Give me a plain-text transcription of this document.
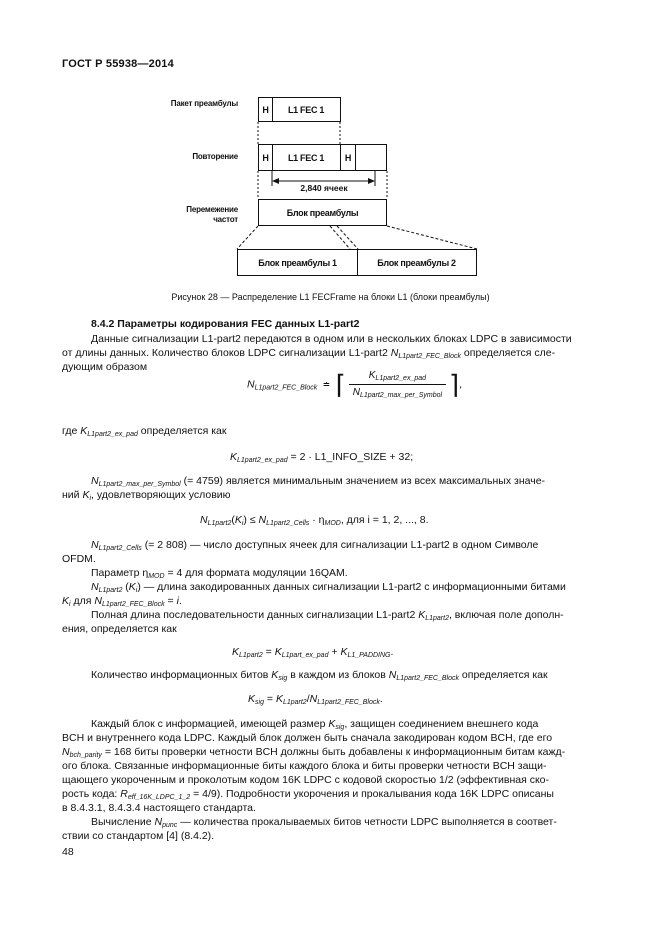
ГОСТ Р 55938—2014
Пакет преамбулы
Повторение
Перемежение частот
H	L1 FEC 1
H	L1 FEC 1	H
2,840 ячеек
Блок преамбулы
Блок преамбулы 1	Блок преамбулы 2
Рисунок 28 — Распределение L1 FECFrame на блоки L1 (блоки преамбулы)
8.4.2 Параметры кодирования FEC данных L1-part2
Данные сигнализации L1-part2 передаются в одном или в нескольких блоках LDPC в зависимости
от длины данных. Количество блоков LDPC сигнализации L1-part2 $N_{L1part2\_FEC\_Block}$ определяется сле-
дующим образом
$N_{L1part2\_FEC\_Block}$  ≐  ⌈ $\frac{K_{L1part2\_ex\_pad}}{N_{L1part2\_max\_per\_Symbol}}$ ⌉,
где $K_{L1part2\_ex\_pad}$ определяется как
$K_{L1part2\_ex\_pad} = 2$ · L1_INFO_SIZE + 32;
$N_{L1part2\_max\_per\_Symbol}$ (= 4759) является минимальным значением из всех максимальных значе-
ний $K_i$, удовлетворяющих условию
$N_{L1part2}(K_i) \le N_{L1part2\_Cells} \cdot \eta_{MOD}$, для i = 1, 2, ..., 8.
$N_{L1part2\_Cells}$ (= 2 808) — число доступных ячеек для сигнализации L1-part2 в одном Символе
OFDM.
Параметр $\eta_{MOD} = 4$ для формата модуляции 16QAM.
$N_{L1part2}$ $(K_i)$ — длина закодированных данных сигнализации L1-part2 с информационными битами
$K_i$ для $N_{L1part2\_FEC\_Block} = i$.
Полная длина последовательности данных сигнализации L1-part2 $K_{L1part2}$, включая поле дополн-
ения, определяется как
$K_{L1part2} = K_{L1part\_ex\_pad} + K_{L1\_PADDING}$.
Количество информационных битов $K_{sig}$ в каждом из блоков $N_{L1part2\_FEC\_Block}$ определяется как
$K_{sig} = K_{L1part2}/N_{L1part2\_FEC\_Block}$.
Каждый блок с информацией, имеющей размер $K_{sig}$, защищен соединением внешнего кода
BCH и внутреннего кода LDPC. Каждый блок должен быть сначала закодирован кодом BCH, где его
$N_{bch\_parity} = 168$ биты проверки четности BCH должны быть добавлены к информационным битам кажд-
ого блока. Связанные информационные биты каждого блока и биты проверки четности BCH защи-
щающего укороченным и проколотым кодом 16K LDPC с кодовой скоростью 1/2 (эффективная ско-
рость кода: $R_{eff\_16K\_LDPC\_1\_2} = 4/9$). Подробности укорочения и прокалывания кода 16K LDPC описаны
в 8.4.3.1, 8.4.3.4 настоящего стандарта.
Вычисление $N_{punc}$ — количества прокалываемых битов четности LDPC выполняется в соответ-
ствии со стандартом [4] (8.4.2).
48
